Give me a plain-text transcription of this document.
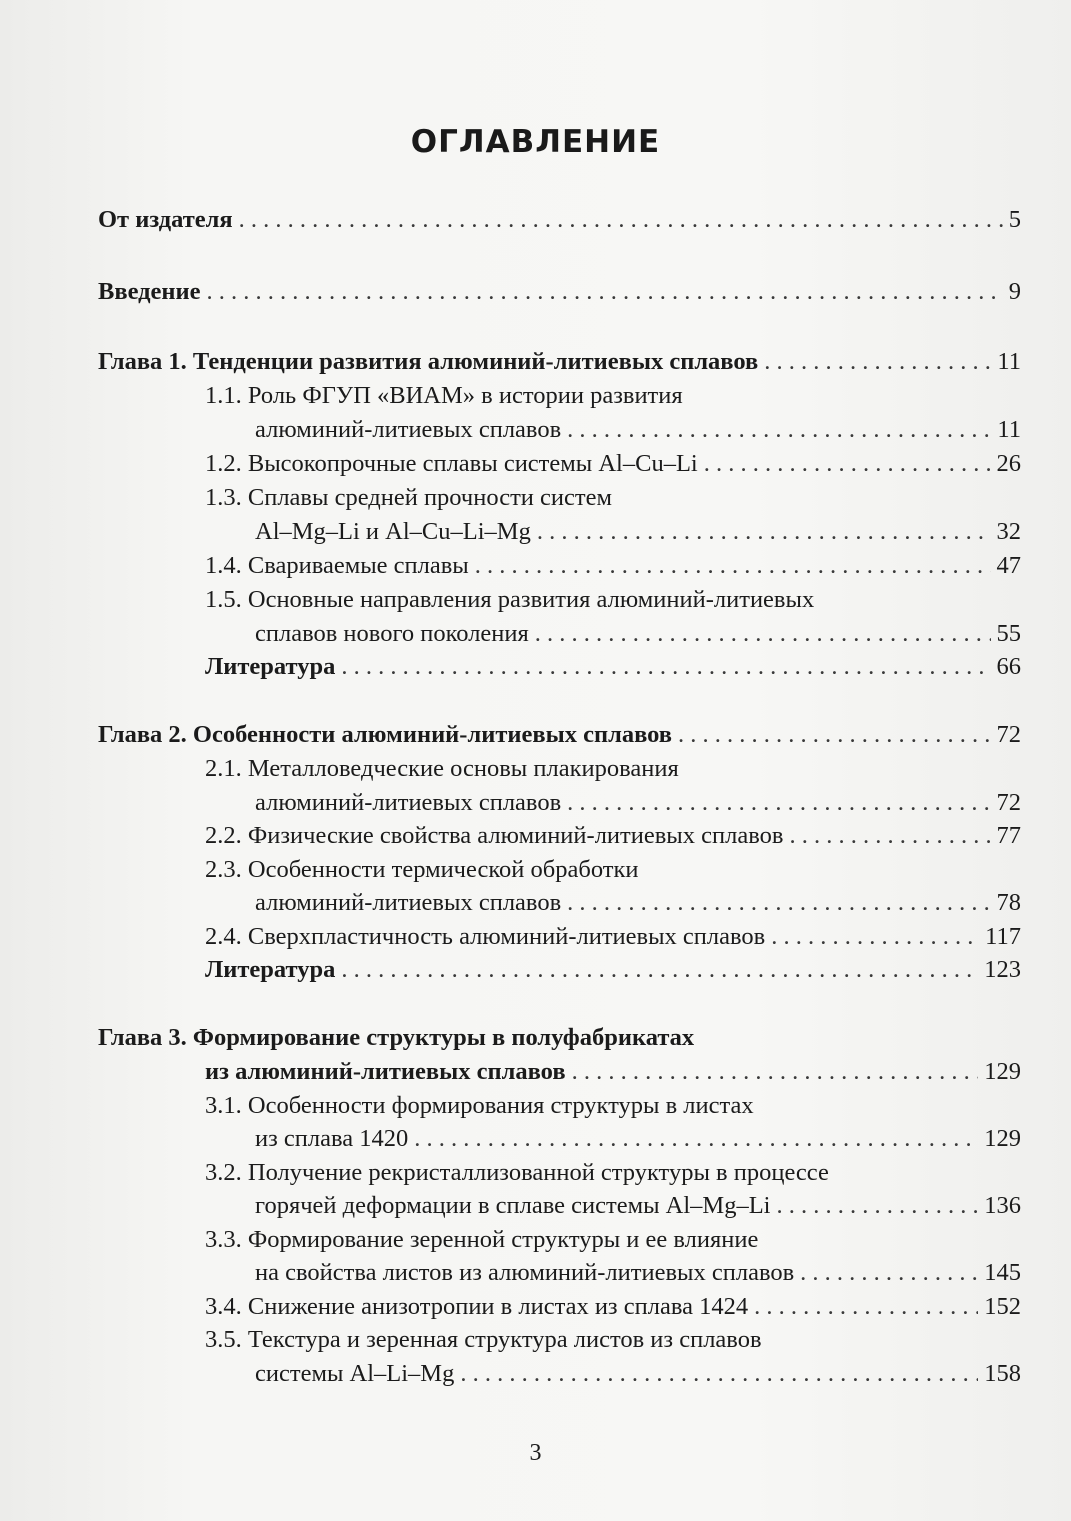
ОГЛАВЛЕНИЕ
От издателя . . .	5
Введение . . .	9
Глава 1. Тенденции развития алюминий-литиевых сплавов . . .	11
1.1. Роль ФГУП «ВИАМ» в истории развития
алюминий-литиевых сплавов . . .	11
1.2. Высокопрочные сплавы системы Al–Cu–Li . . .	26
1.3. Сплавы средней прочности систем
Al–Mg–Li и Al–Cu–Li–Mg . . .	32
1.4. Свариваемые сплавы . . .	47
1.5. Основные направления развития алюминий-литиевых
сплавов нового поколения . . .	55
Литература . . .	66
Глава 2. Особенности алюминий-литиевых сплавов . . .	72
2.1. Металловедческие основы плакирования
алюминий-литиевых сплавов . . .	72
2.2. Физические свойства алюминий-литиевых сплавов . . .	77
2.3. Особенности термической обработки
алюминий-литиевых сплавов . . .	78
2.4. Сверхпластичность алюминий-литиевых сплавов . . .	117
Литература . . .	123
Глава 3. Формирование структуры в полуфабрикатах
из алюминий-литиевых сплавов . . .	129
3.1. Особенности формирования структуры в листах
из сплава 1420 . . .	129
3.2. Получение рекристаллизованной структуры в процессе
горячей деформации в сплаве системы Al–Mg–Li . . .	136
3.3. Формирование зеренной структуры и ее влияние
на свойства листов из алюминий-литиевых сплавов . . .	145
3.4. Снижение анизотропии в листах из сплава 1424 . . .	152
3.5. Текстура и зеренная структура листов из сплавов
системы Al–Li–Mg . . .	158
3
